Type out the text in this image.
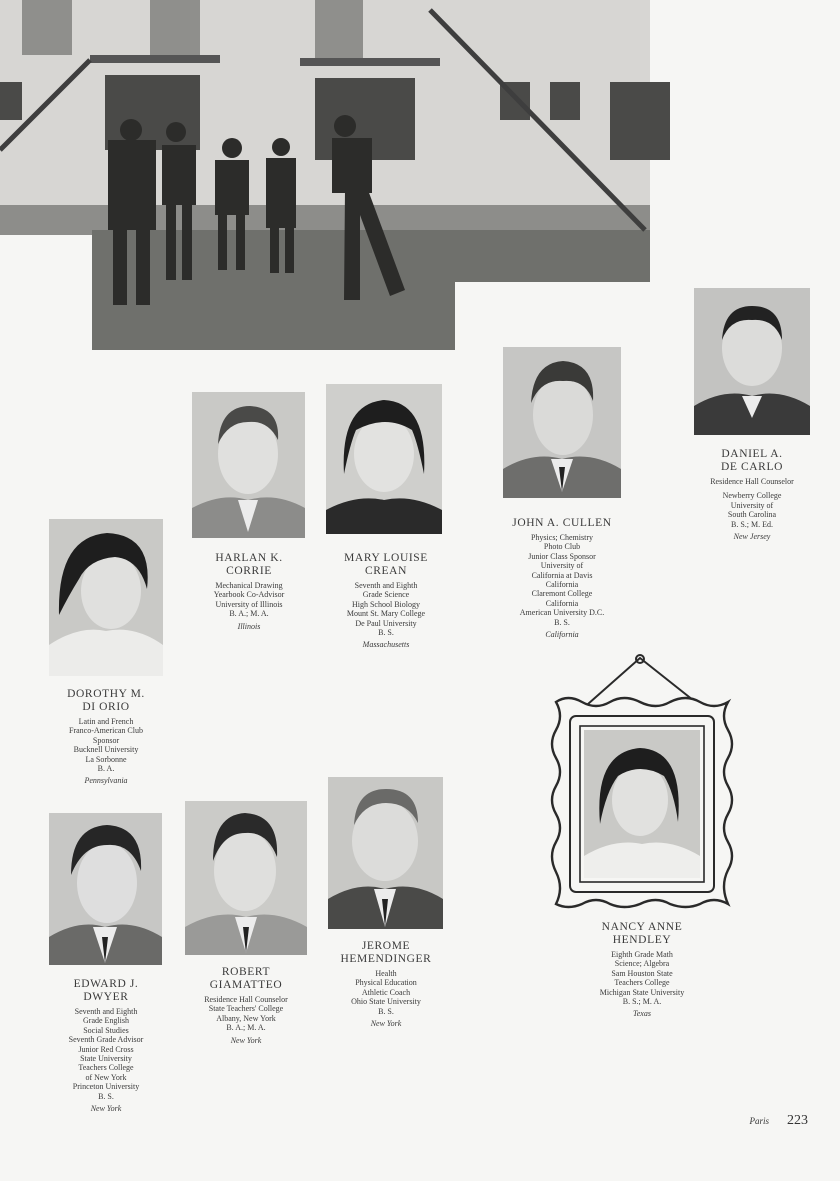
DANIEL A.

DE CARLO

Residence Hall Counselor

Newberry College

University of

South Carolina

B. S.; M. Ed.

New Jersey

HARLAN K.

CORRIE

Mechanical Drawing

Yearbook Co-Advisor

University of Illinois

B. A.; M. A.

Illinois

MARY LOUISE

CREAN

Seventh and Eighth

Grade Science

High School Biology

Mount St. Mary College

De Paul University

B. S.

Massachusetts

JOHN A. CULLEN

Physics; Chemistry

Photo Club

Junior Class Sponsor

University of

California at Davis

California

Claremont College

California

American University D.C.

B. S.

California

DOROTHY M.

DI ORIO

Latin and French

Franco-American Club

Sponsor

Bucknell University

La Sorbonne

B. A.

Pennsylvania

EDWARD J.

DWYER

Seventh and Eighth

Grade English

Social Studies

Seventh Grade Advisor

Junior Red Cross

State University

Teachers College

of New York

Princeton University

B. S.

New York

ROBERT

GIAMATTEO

Residence Hall Counselor

State Teachers' College

Albany, New York

B. A.; M. A.

New York

JEROME

HEMENDINGER

Health

Physical Education

Athletic Coach

Ohio State University

B. S.

New York

NANCY ANNE

HENDLEY

Eighth Grade Math

Science; Algebra

Sam Houston State

Teachers College

Michigan State University

B. S.; M. A.

Texas

Paris 223
